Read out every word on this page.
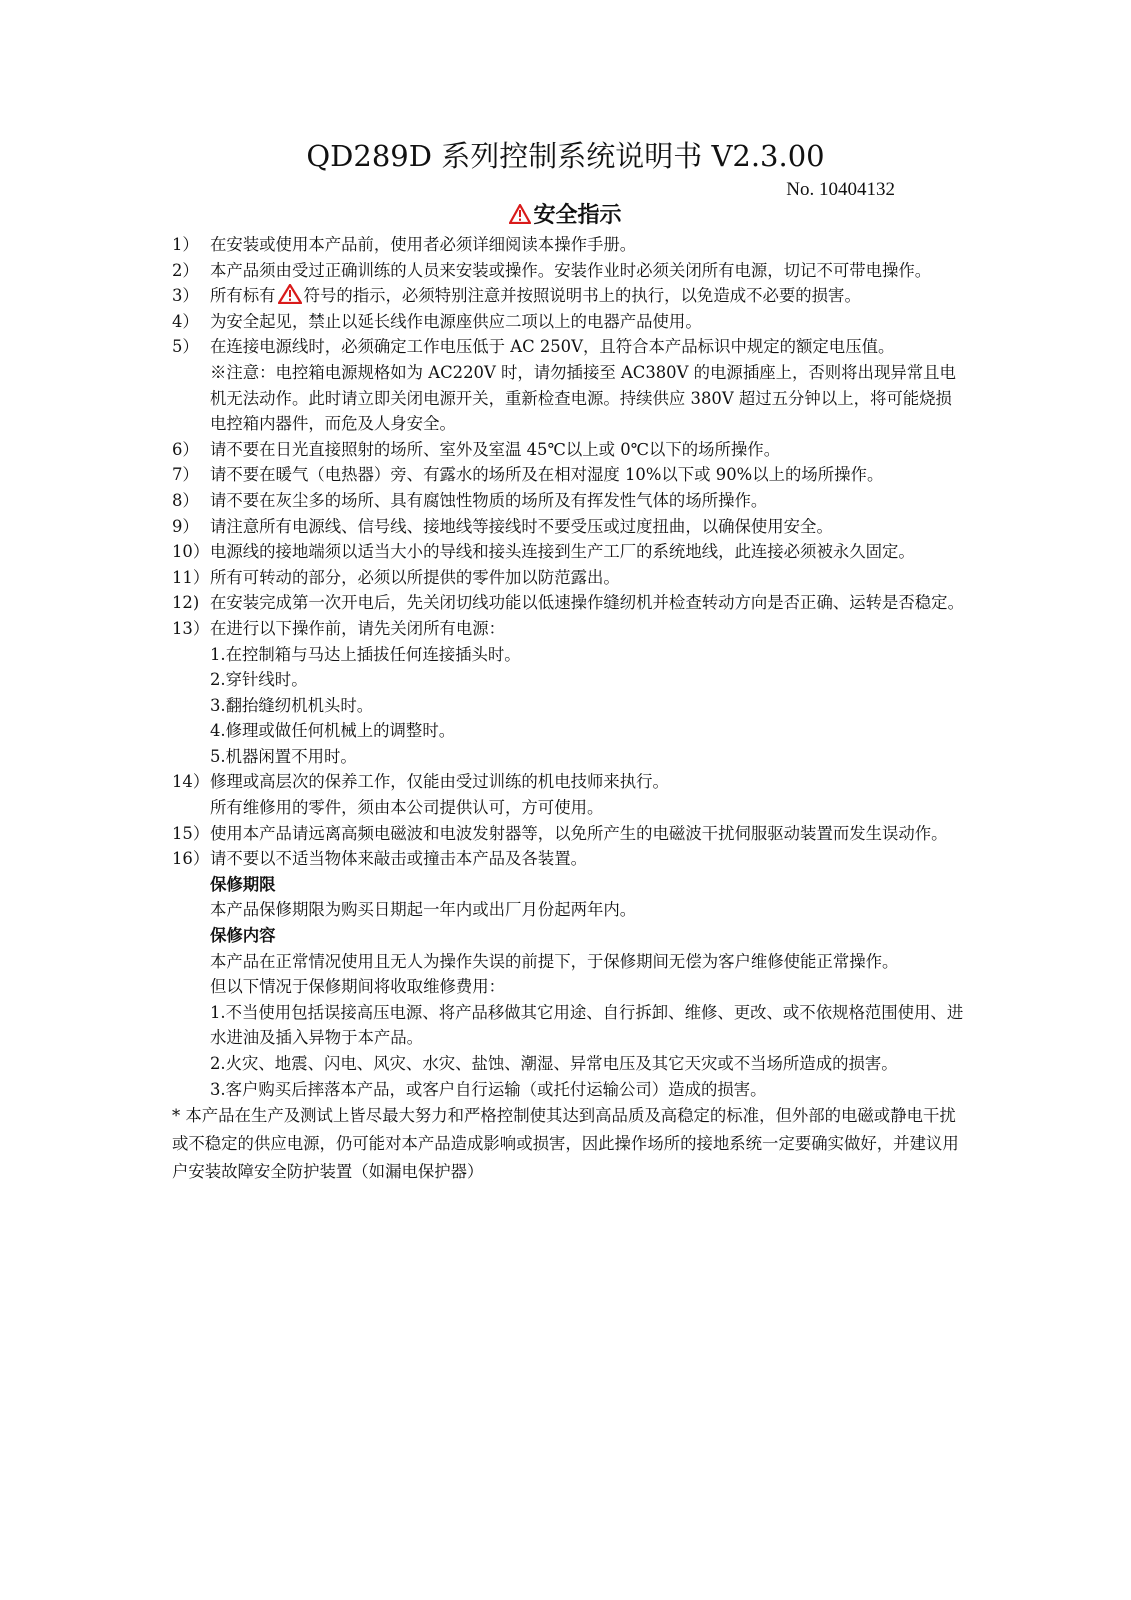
QD289D 系列控制系统说明书 V2.3.00
No. 10404132
安全指示
1） 在安装或使用本产品前，使用者必须详细阅读本操作手册。
2） 本产品须由受过正确训练的人员来安装或操作。安装作业时必须关闭所有电源，切记不可带电操作。
3） 所有标有 符号的指示，必须特别注意并按照说明书上的执行，以免造成不必要的损害。
4） 为安全起见，禁止以延长线作电源座供应二项以上的电器产品使用。
5） 在连接电源线时，必须确定工作电压低于 AC 250V，且符合本产品标识中规定的额定电压值。
※注意：电控箱电源规格如为 AC220V 时，请勿插接至 AC380V 的电源插座上，否则将出现异常且电机无法动作。此时请立即关闭电源开关，重新检查电源。持续供应 380V 超过五分钟以上，将可能烧损电控箱内器件，而危及人身安全。
6） 请不要在日光直接照射的场所、室外及室温 45℃以上或 0℃以下的场所操作。
7） 请不要在暖气（电热器）旁、有露水的场所及在相对湿度 10%以下或 90%以上的场所操作。
8） 请不要在灰尘多的场所、具有腐蚀性物质的场所及有挥发性气体的场所操作。
9） 请注意所有电源线、信号线、接地线等接线时不要受压或过度扭曲，以确保使用安全。
10） 电源线的接地端须以适当大小的导线和接头连接到生产工厂的系统地线，此连接必须被永久固定。
11） 所有可转动的部分，必须以所提供的零件加以防范露出。
12) 在安装完成第一次开电后，先关闭切线功能以低速操作缝纫机并检查转动方向是否正确、运转是否稳定。
13） 在进行以下操作前，请先关闭所有电源：
1.在控制箱与马达上插拔任何连接插头时。
2.穿针线时。
3.翻抬缝纫机机头时。
4.修理或做任何机械上的调整时。
5.机器闲置不用时。
14） 修理或高层次的保养工作，仅能由受过训练的机电技师来执行。
所有维修用的零件，须由本公司提供认可，方可使用。
15） 使用本产品请远离高频电磁波和电波发射器等，以免所产生的电磁波干扰伺服驱动装置而发生误动作。
16） 请不要以不适当物体来敲击或撞击本产品及各装置。
保修期限
本产品保修期限为购买日期起一年内或出厂月份起两年内。
保修内容
本产品在正常情况使用且无人为操作失误的前提下，于保修期间无偿为客户维修使能正常操作。
但以下情况于保修期间将收取维修费用：
1.不当使用包括误接高压电源、将产品移做其它用途、自行拆卸、维修、更改、或不依规格范围使用、进水进油及插入异物于本产品。
2.火灾、地震、闪电、风灾、水灾、盐蚀、潮湿、异常电压及其它天灾或不当场所造成的损害。
3.客户购买后摔落本产品，或客户自行运输（或托付运输公司）造成的损害。
* 本产品在生产及测试上皆尽最大努力和严格控制使其达到高品质及高稳定的标准，但外部的电磁或静电干扰或不稳定的供应电源，仍可能对本产品造成影响或损害，因此操作场所的接地系统一定要确实做好，并建议用户安装故障安全防护装置（如漏电保护器）
